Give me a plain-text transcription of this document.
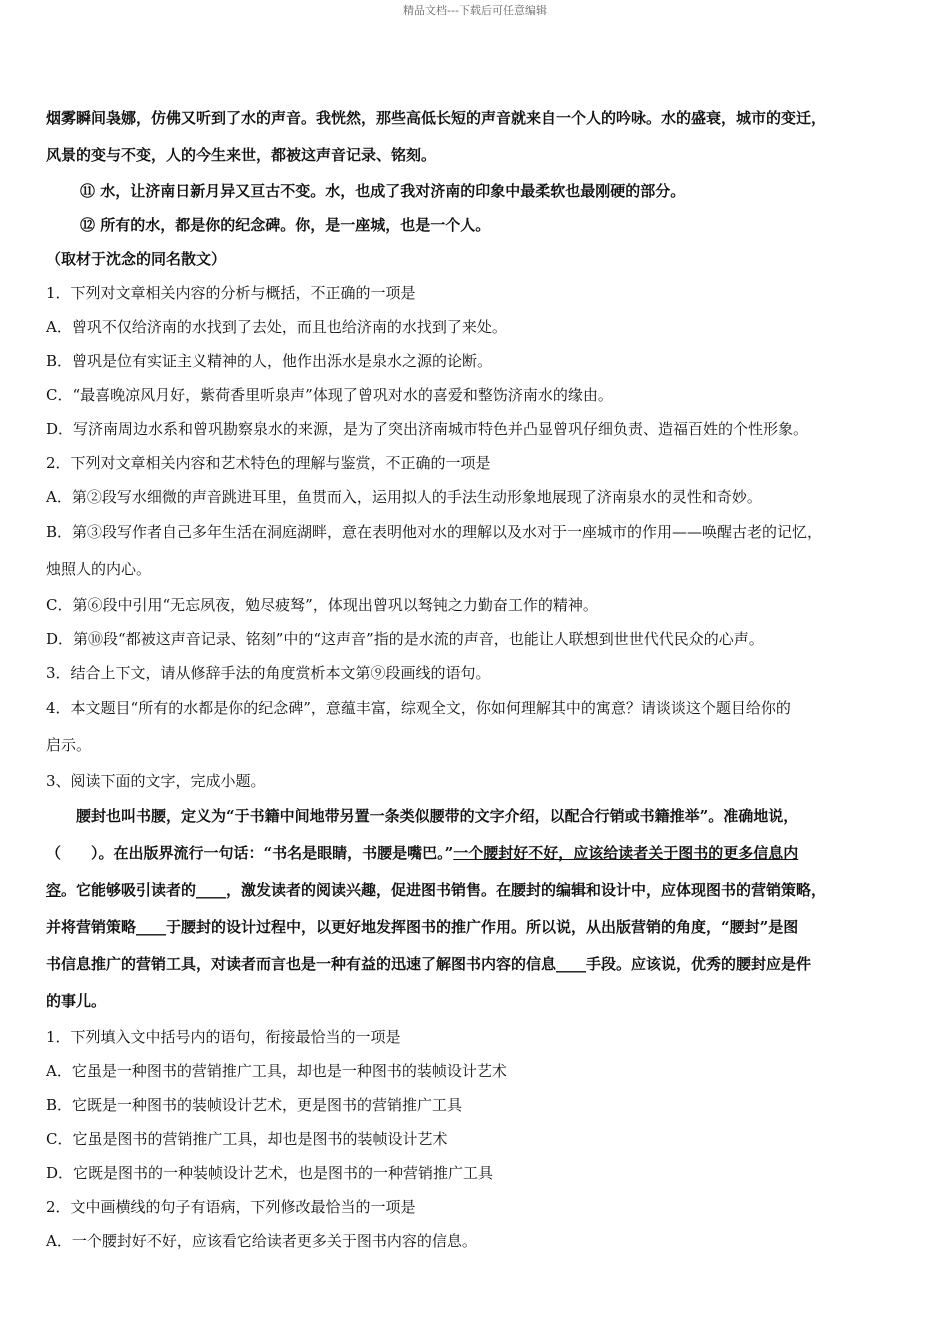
精品文档---下载后可任意编辑
烟雾瞬间袅娜，仿佛又听到了水的声音。我恍然，那些高低长短的声音就来自一个人的吟咏。水的盛衰，城市的变迁，
风景的变与不变，人的今生来世，都被这声音记录、铭刻。
⑪ 水，让济南日新月异又亘古不变。水，也成了我对济南的印象中最柔软也最刚硬的部分。
⑫ 所有的水，都是你的纪念碑。你，是一座城，也是一个人。
（取材于沈念的同名散文）
1．下列对文章相关内容的分析与概括，不正确的一项是
A．曾巩不仅给济南的水找到了去处，而且也给济南的水找到了来处。
B．曾巩是位有实证主义精神的人，他作出泺水是泉水之源的论断。
C．“最喜晚凉风月好，紫荷香里听泉声”体现了曾巩对水的喜爱和整饬济南水的缘由。
D．写济南周边水系和曾巩勘察泉水的来源，是为了突出济南城市特色并凸显曾巩仔细负责、造福百姓的个性形象。
2．下列对文章相关内容和艺术特色的理解与鉴赏，不正确的一项是
A．第②段写水细微的声音跳进耳里，鱼贯而入，运用拟人的手法生动形象地展现了济南泉水的灵性和奇妙。
B．第③段写作者自己多年生活在洞庭湖畔，意在表明他对水的理解以及水对于一座城市的作用——唤醒古老的记忆，
烛照人的内心。
C．第⑥段中引用“无忘夙夜，勉尽疲驽”，体现出曾巩以驽钝之力勤奋工作的精神。
D．第⑩段“都被这声音记录、铭刻”中的“这声音”指的是水流的声音，也能让人联想到世世代代民众的心声。
3．结合上下文，请从修辞手法的角度赏析本文第⑨段画线的语句。
4．本文题目“所有的水都是你的纪念碑”，意蕴丰富，综观全文，你如何理解其中的寓意？请谈谈这个题目给你的
启示。
3、阅读下面的文字，完成小题。
腰封也叫书腰，定义为“于书籍中间地带另置一条类似腰带的文字介绍，以配合行销或书籍推举”。准确地说，
（　　）。在出版界流行一句话：“书名是眼睛，书腰是嘴巴。”一个腰封好不好，应该给读者关于图书的更多信息内
容。它能够吸引读者的____，激发读者的阅读兴趣，促进图书销售。在腰封的编辑和设计中，应体现图书的营销策略，
并将营销策略____于腰封的设计过程中，以更好地发挥图书的推广作用。所以说，从出版营销的角度，“腰封”是图
书信息推广的营销工具，对读者而言也是一种有益的迅速了解图书内容的信息____手段。应该说，优秀的腰封应是件
的事儿。
1．下列填入文中括号内的语句，衔接最恰当的一项是
A．它虽是一种图书的营销推广工具，却也是一种图书的装帧设计艺术
B．它既是一种图书的装帧设计艺术，更是图书的营销推广工具
C．它虽是图书的营销推广工具，却也是图书的装帧设计艺术
D．它既是图书的一种装帧设计艺术，也是图书的一种营销推广工具
2．文中画横线的句子有语病，下列修改最恰当的一项是
A．一个腰封好不好，应该看它给读者更多关于图书内容的信息。
